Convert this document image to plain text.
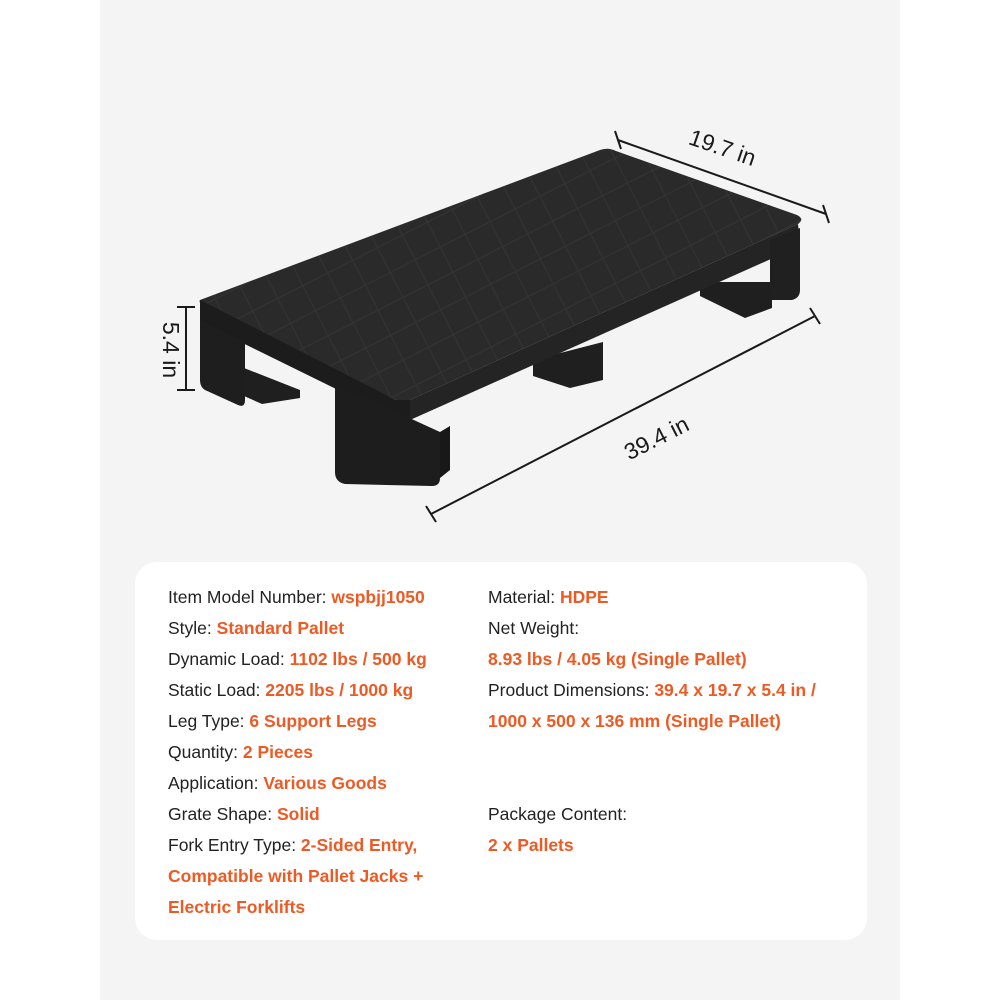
19.7 in
5.4 in
39.4 in
Item Model Number: wspbjj1050
Style: Standard Pallet
Dynamic Load: 1102 lbs / 500 kg
Static Load: 2205 lbs / 1000 kg
Leg Type: 6 Support Legs
Quantity: 2 Pieces
Application: Various Goods
Grate Shape: Solid
Fork Entry Type: 2-Sided Entry,
Compatible with Pallet Jacks +
Electric Forklifts
Material: HDPE
Net Weight:
8.93 lbs / 4.05 kg (Single Pallet)
Product Dimensions: 39.4 x 19.7 x 5.4 in /
1000 x 500 x 136 mm (Single Pallet)
Package Content:
2 x Pallets
